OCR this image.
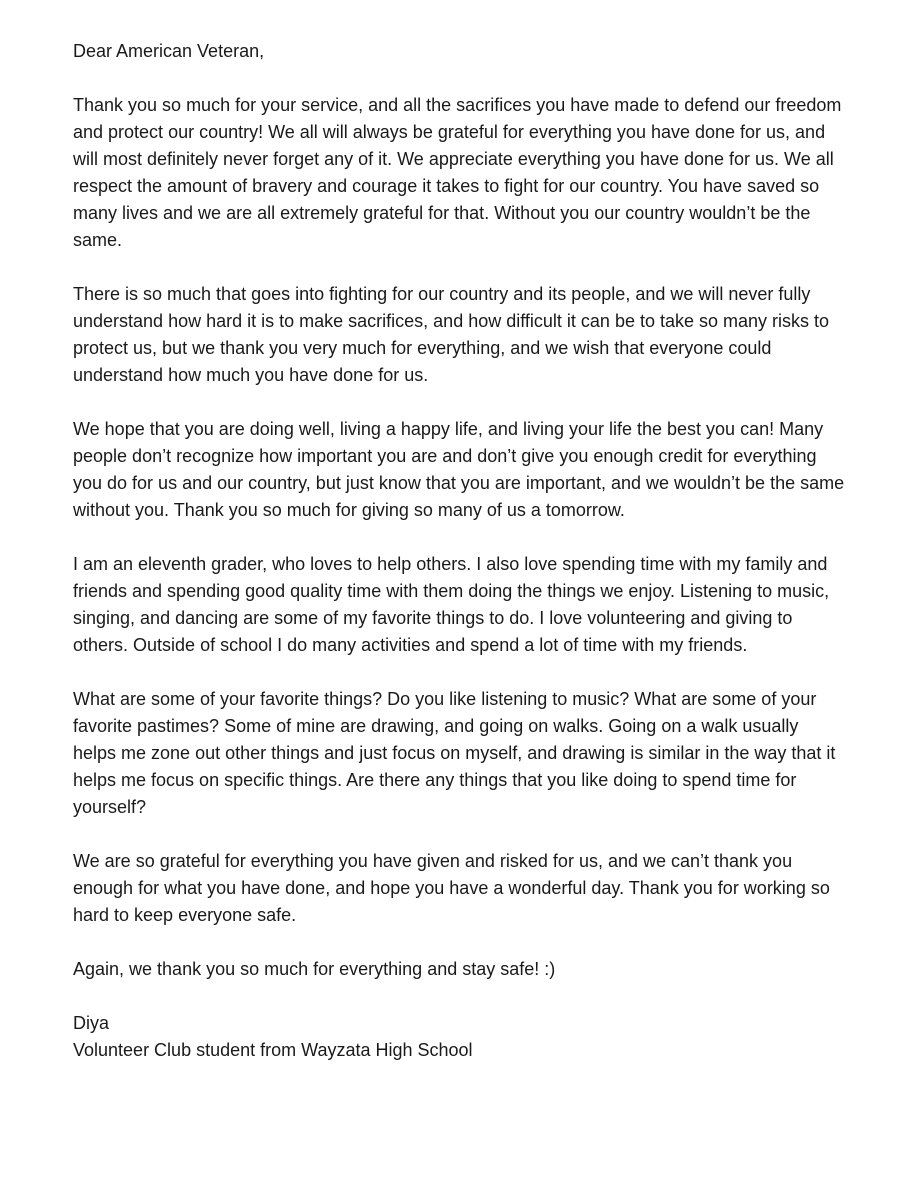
Dear American Veteran,

Thank you so much for your service, and all the sacrifices you have made to defend our freedom and protect our country! We all will always be grateful for everything you have done for us, and will most definitely never forget any of it. We appreciate everything you have done for us. We all respect the amount of bravery and courage it takes to fight for our country. You have saved so many lives and we are all extremely grateful for that. Without you our country wouldn’t be the same.

There is so much that goes into fighting for our country and its people, and we will never fully understand how hard it is to make sacrifices, and how difficult it can be to take so many risks to protect us, but we thank you very much for everything, and we wish that everyone could understand how much you have done for us.

We hope that you are doing well, living a happy life, and living your life the best you can! Many people don’t recognize how important you are and don’t give you enough credit for everything you do for us and our country, but just know that you are important, and we wouldn’t be the same without you. Thank you so much for giving so many of us a tomorrow.

I am an eleventh grader, who loves to help others. I also love spending time with my family and friends and spending good quality time with them doing the things we enjoy. Listening to music, singing, and dancing are some of my favorite things to do. I love volunteering and giving to others. Outside of school I do many activities and spend a lot of time with my friends.

What are some of your favorite things? Do you like listening to music? What are some of your favorite pastimes? Some of mine are drawing, and going on walks. Going on a walk usually helps me zone out other things and just focus on myself, and drawing is similar in the way that it helps me focus on specific things. Are there any things that you like doing to spend time for yourself?

We are so grateful for everything you have given and risked for us, and we can’t thank you enough for what you have done, and hope you have a wonderful day. Thank you for working so hard to keep everyone safe.

Again, we thank you so much for everything and stay safe! :)

Diya

Volunteer Club student from Wayzata High School
